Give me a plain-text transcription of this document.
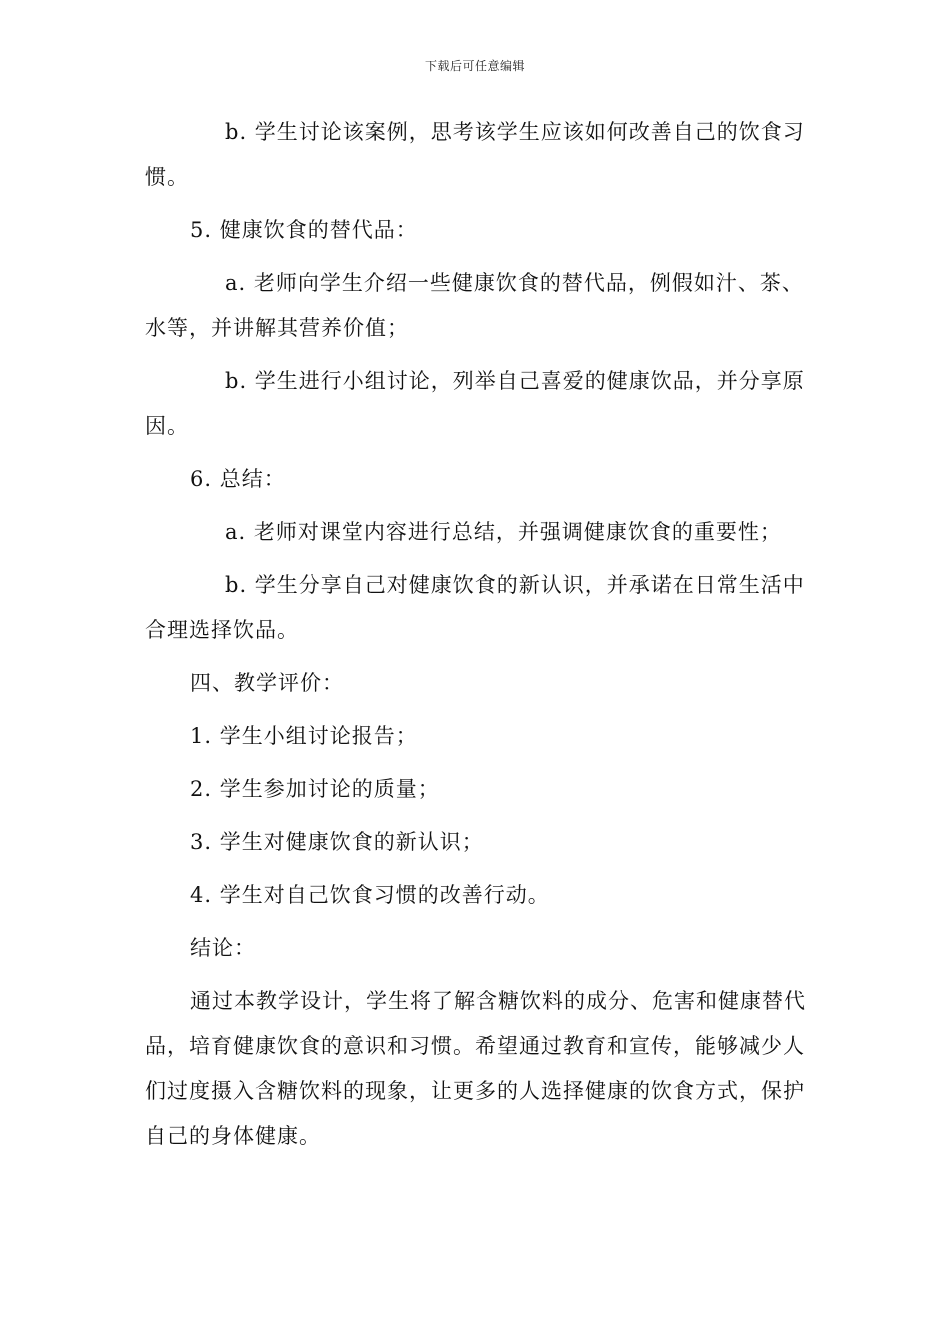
下载后可任意编辑

b. 学生讨论该案例，思考该学生应该如何改善自己的饮食习惯。

5. 健康饮食的替代品：

a. 老师向学生介绍一些健康饮食的替代品，例假如汁、茶、水等，并讲解其营养价值；

b. 学生进行小组讨论，列举自己喜爱的健康饮品，并分享原因。

6. 总结：

a. 老师对课堂内容进行总结，并强调健康饮食的重要性；

b. 学生分享自己对健康饮食的新认识，并承诺在日常生活中合理选择饮品。

四、教学评价：

1. 学生小组讨论报告；

2. 学生参加讨论的质量；

3. 学生对健康饮食的新认识；

4. 学生对自己饮食习惯的改善行动。

结论：

通过本教学设计，学生将了解含糖饮料的成分、危害和健康替代品，培育健康饮食的意识和习惯。希望通过教育和宣传，能够减少人们过度摄入含糖饮料的现象，让更多的人选择健康的饮食方式，保护自己的身体健康。
